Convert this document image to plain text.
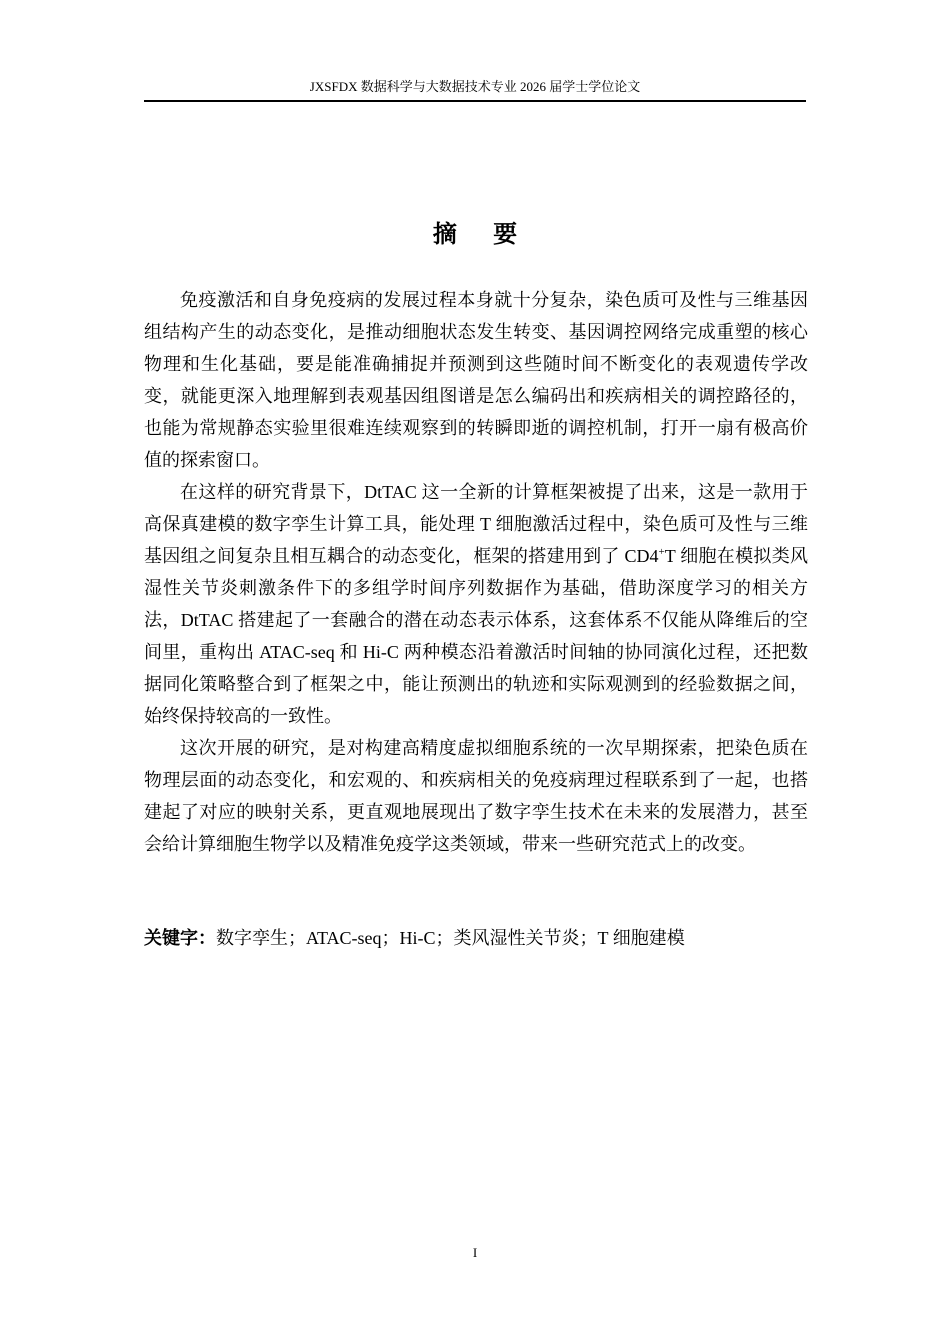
JXSFDX 数据科学与大数据技术专业 2026 届学士学位论文
摘 要

免疫激活和自身免疫病的发展过程本身就十分复杂，染色质可及性与三维基因组结构产生的动态变化，是推动细胞状态发生转变、基因调控网络完成重塑的核心物理和生化基础，要是能准确捕捉并预测到这些随时间不断变化的表观遗传学改变，就能更深入地理解到表观基因组图谱是怎么编码出和疾病相关的调控路径的，也能为常规静态实验里很难连续观察到的转瞬即逝的调控机制，打开一扇有极高价值的探索窗口。

在这样的研究背景下，DtTAC 这一全新的计算框架被提了出来，这是一款用于高保真建模的数字孪生计算工具，能处理 T 细胞激活过程中，染色质可及性与三维基因组之间复杂且相互耦合的动态变化，框架的搭建用到了 CD4+T 细胞在模拟类风湿性关节炎刺激条件下的多组学时间序列数据作为基础，借助深度学习的相关方法，DtTAC 搭建起了一套融合的潜在动态表示体系，这套体系不仅能从降维后的空间里，重构出 ATAC-seq 和 Hi-C 两种模态沿着激活时间轴的协同演化过程，还把数据同化策略整合到了框架之中，能让预测出的轨迹和实际观测到的经验数据之间，始终保持较高的一致性。

这次开展的研究，是对构建高精度虚拟细胞系统的一次早期探索，把染色质在物理层面的动态变化，和宏观的、和疾病相关的免疫病理过程联系到了一起，也搭建起了对应的映射关系，更直观地展现出了数字孪生技术在未来的发展潜力，甚至会给计算细胞生物学以及精准免疫学这类领域，带来一些研究范式上的改变。

关键字：数字孪生；ATAC-seq；Hi-C；类风湿性关节炎；T 细胞建模
I
